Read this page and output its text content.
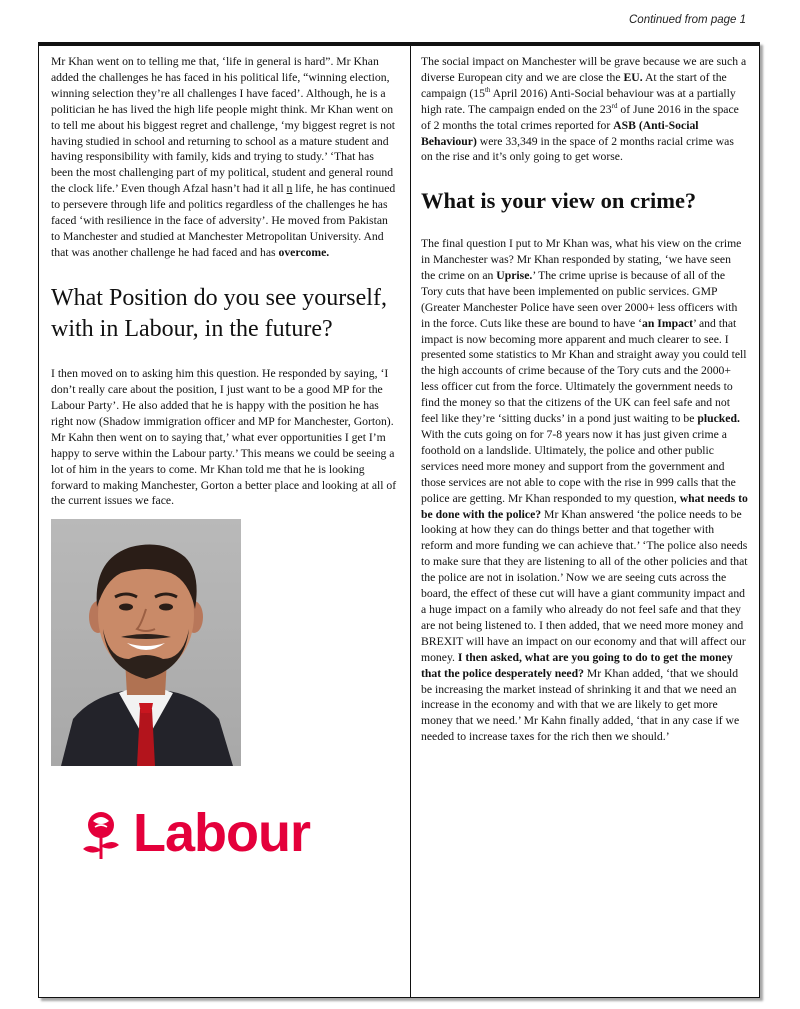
Continued from page 1

Mr Khan went on to telling me that, ‘life in general is hard”. Mr Khan added the challenges he has faced in his political life, “winning election, winning selection they’re all challenges I have faced’. Although, he is a politician he has lived the high life people might think. Mr Khan went on to tell me about his biggest regret and challenge, ‘my biggest regret is not having studied in school and returning to school as a mature student and having responsibility with family, kids and trying to study.’ ‘That has been the most challenging part of my political, student and general round the clock life.’ Even though Afzal hasn’t had it all n life, he has continued to persevere through life and politics regardless of the challenges he has faced ‘with resilience in the face of adversity’. He moved from Pakistan to Manchester and studied at Manchester Metropolitan University. And that was another challenge he had faced and has overcome.

What Position do you see yourself, with in Labour, in the future?

I then moved on to asking him this question. He responded by saying, ‘I don’t really care about the position, I just want to be a good MP for the Labour Party’. He also added that he is happy with the position he has right now (Shadow immigration officer and MP for Manchester, Gorton). Mr Kahn then went on to saying that,’ what ever opportunities I get I’m happy to serve within the Labour party.’ This means we could be seeing a lot of him in the years to come. Mr Khan told me that he is looking forward to making Manchester, Gorton a better place and looking at all of the current issues we face.

Labour

The social impact on Manchester will be grave because we are such a diverse European city and we are close the EU. At the start of the campaign (15th April 2016) Anti-Social behaviour was at a partially high rate. The campaign ended on the 23rd of June 2016 in the space of 2 months the total crimes reported for ASB (Anti-Social Behaviour) were 33,349 in the space of 2 months racial crime was on the rise and it’s only going to get worse.

What is your view on crime?

The final question I put to Mr Khan was, what his view on the crime in Manchester was? Mr Khan responded by stating, ‘we have seen the crime on an Uprise.’ The crime uprise is because of all of the Tory cuts that have been implemented on public services. GMP (Greater Manchester Police have seen over 2000+ less officers with in the force. Cuts like these are bound to have ‘an Impact’ and that impact is now becoming more apparent and much clearer to see. I presented some statistics to Mr Khan and straight away you could tell the high accounts of crime because of the Tory cuts and the 2000+ less officer cut from the force. Ultimately the government needs to find the money so that the citizens of the UK can feel safe and not feel like they’re ‘sitting ducks’ in a pond just waiting to be plucked. With the cuts going on for 7-8 years now it has just given crime a foothold on a landslide. Ultimately, the police and other public services need more money and support from the government and those services are not able to cope with the rise in 999 calls that the police are getting. Mr Khan responded to my question, what needs to be done with the police? Mr Khan answered ‘the police needs to be looking at how they can do things better and that together with reform and more funding we can achieve that.’ ‘The police also needs to make sure that they are listening to all of the other policies and that the police are not in isolation.’ Now we are seeing cuts across the board, the effect of these cut will have a giant community impact and a huge impact on a family who already do not feel safe and that they are not being listened to. I then added, that we need more money and BREXIT will have an impact on our economy and that will affect our money. I then asked, what are you going to do to get the money that the police desperately need? Mr Khan added, ‘that we should be increasing the market instead of shrinking it and that we need an increase in the economy and with that we are likely to get more money that we need.’ Mr Kahn finally added, ‘that in any case if we needed to increase taxes for the rich then we should.’
